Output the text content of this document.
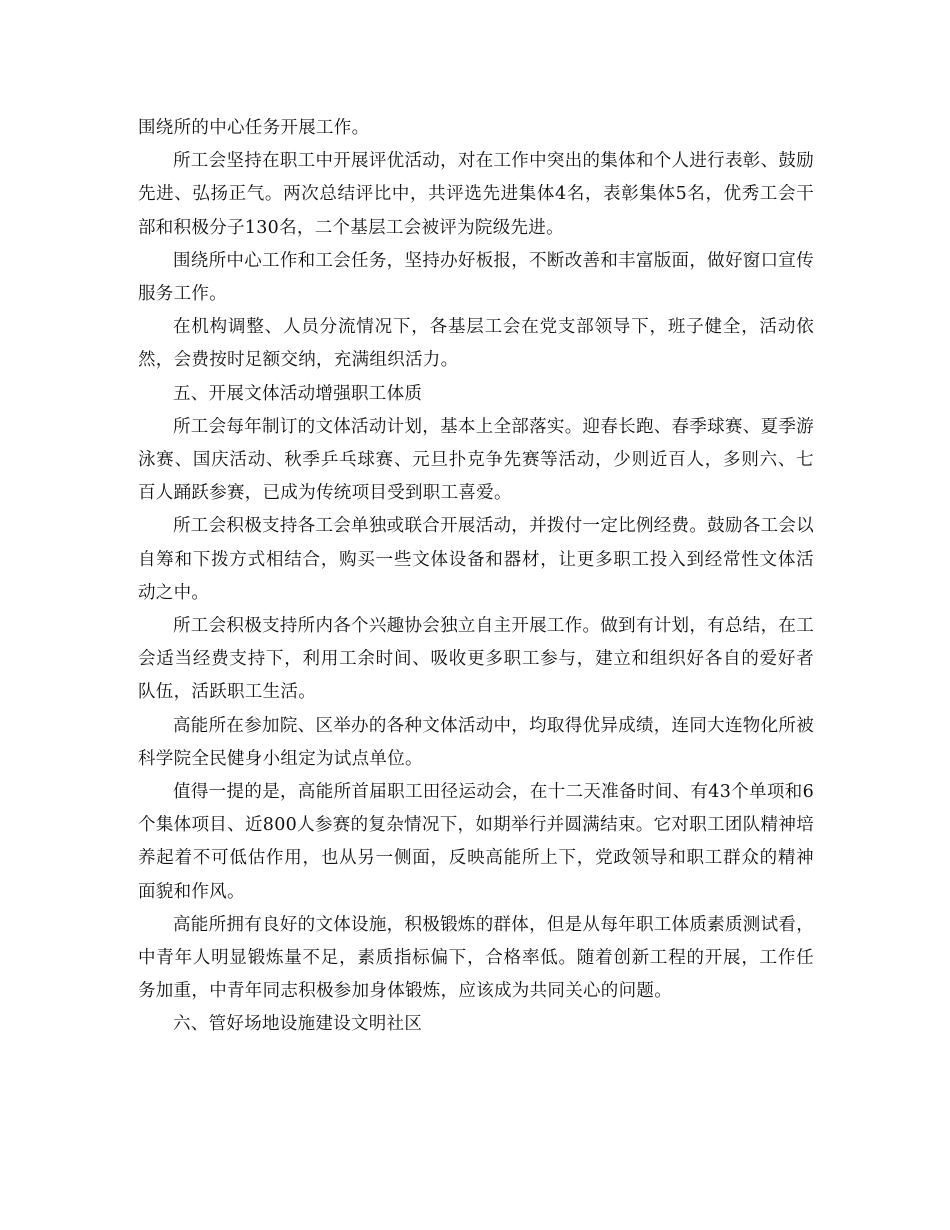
围绕所的中心任务开展工作。

所工会坚持在职工中开展评优活动，对在工作中突出的集体和个人进行表彰、鼓励先进、弘扬正气。两次总结评比中，共评选先进集体4名，表彰集体5名，优秀工会干部和积极分子130名，二个基层工会被评为院级先进。

围绕所中心工作和工会任务，坚持办好板报，不断改善和丰富版面，做好窗口宣传服务工作。

在机构调整、人员分流情况下，各基层工会在党支部领导下，班子健全，活动依然，会费按时足额交纳，充满组织活力。

五、开展文体活动增强职工体质

所工会每年制订的文体活动计划，基本上全部落实。迎春长跑、春季球赛、夏季游泳赛、国庆活动、秋季乒乓球赛、元旦扑克争先赛等活动，少则近百人，多则六、七百人踊跃参赛，已成为传统项目受到职工喜爱。

所工会积极支持各工会单独或联合开展活动，并拨付一定比例经费。鼓励各工会以自筹和下拨方式相结合，购买一些文体设备和器材，让更多职工投入到经常性文体活动之中。

所工会积极支持所内各个兴趣协会独立自主开展工作。做到有计划，有总结，在工会适当经费支持下，利用工余时间、吸收更多职工参与，建立和组织好各自的爱好者队伍，活跃职工生活。

高能所在参加院、区举办的各种文体活动中，均取得优异成绩，连同大连物化所被科学院全民健身小组定为试点单位。

值得一提的是，高能所首届职工田径运动会，在十二天准备时间、有43个单项和6个集体项目、近800人参赛的复杂情况下，如期举行并圆满结束。它对职工团队精神培养起着不可低估作用，也从另一侧面，反映高能所上下，党政领导和职工群众的精神面貌和作风。

高能所拥有良好的文体设施，积极锻炼的群体，但是从每年职工体质素质测试看，中青年人明显锻炼量不足，素质指标偏下，合格率低。随着创新工程的开展，工作任务加重，中青年同志积极参加身体锻炼，应该成为共同关心的问题。

六、管好场地设施建设文明社区
